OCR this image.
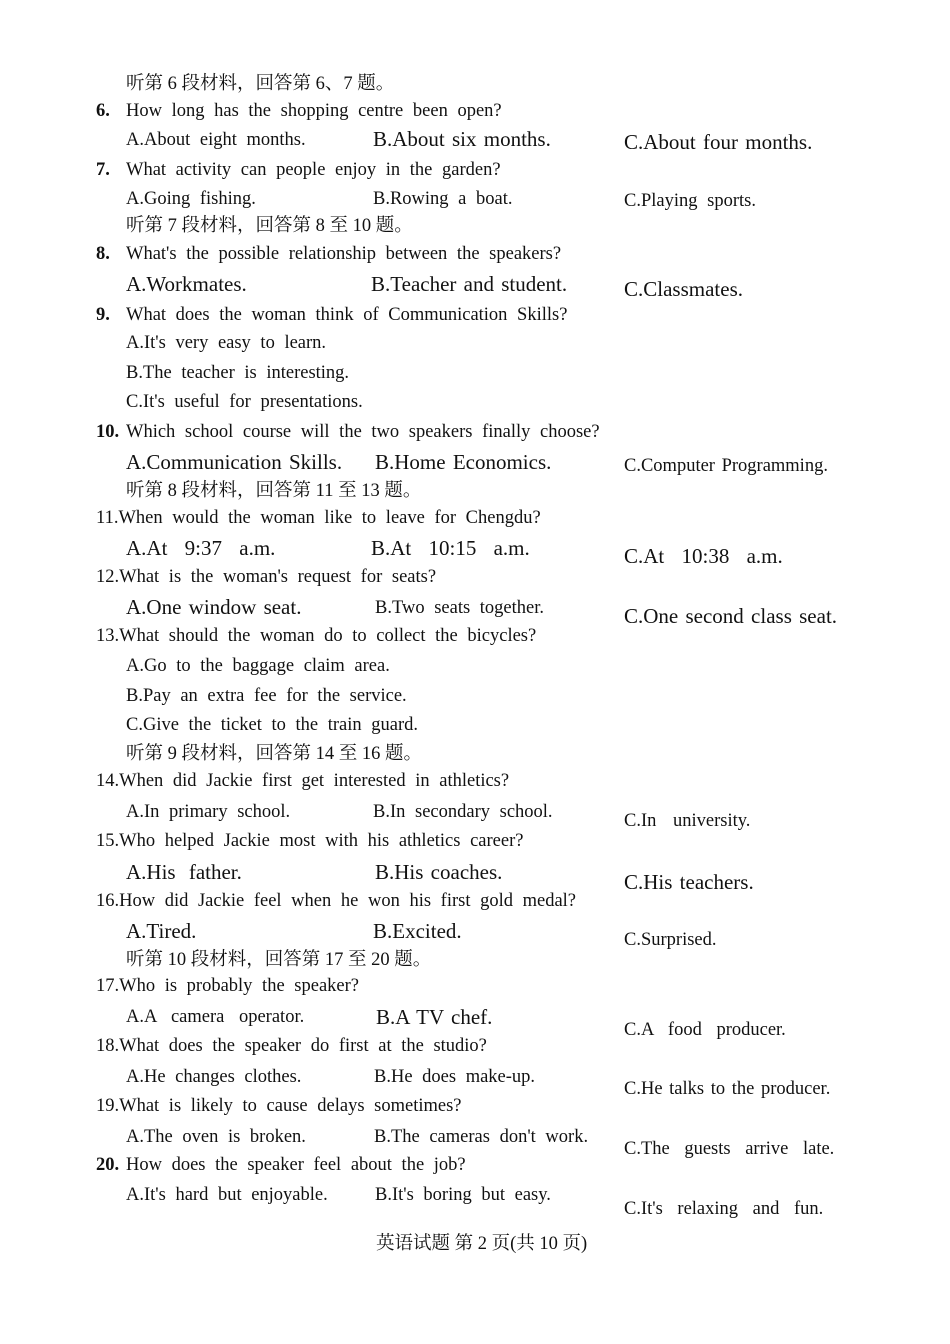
听第 6 段材料，回答第 6、7 题。
6. How long has the shopping centre been open?
A.About eight months.	B.About six months.	C.About four months.
7. What activity can people enjoy in the garden?
A.Going fishing.	B.Rowing a boat.	C.Playing sports.
听第 7 段材料，回答第 8 至 10 题。
8. What's the possible relationship between the speakers?
A.Workmates.	B.Teacher and student.	C.Classmates.
9. What does the woman think of Communication Skills?
A.It's very easy to learn.
B.The teacher is interesting.
C.It's useful for presentations.
10. Which school course will the two speakers finally choose?
A.Communication Skills. B.Home Economics.	C.Computer Programming.
听第 8 段材料，回答第 11 至 13 题。
11.When would the woman like to leave for Chengdu?
A.At 9:37 a.m.	B.At 10:15 a.m.	C.At 10:38 a.m.
12.What is the woman's request for seats?
A.One window seat.	B.Two seats together.	C.One second class seat.
13.What should the woman do to collect the bicycles?
A.Go to the baggage claim area.
B.Pay an extra fee for the service.
C.Give the ticket to the train guard.
听第 9 段材料，回答第 14 至 16 题。
14.When did Jackie first get interested in athletics?
A.In primary school.	B.In secondary school.	C.In university.
15.Who helped Jackie most with his athletics career?
A.His father.	B.His coaches.	C.His teachers.
16.How did Jackie feel when he won his first gold medal?
A.Tired.	B.Excited.	C.Surprised.
听第 10 段材料，回答第 17 至 20 题。
17.Who is probably the speaker?
A.A camera operator.	B.A TV chef.
C.A food producer.
18.What does the speaker do first at the studio?
A.He changes clothes.	B.He does make-up.
C.He talks to the producer.
19.What is likely to cause delays sometimes?
A.The oven is broken.	B.The cameras don't work.
C.The guests arrive late.
20. How does the speaker feel about the job?
A.It's hard but enjoyable.	B.It's boring but easy.
C.It's relaxing and fun.
英语试题 第 2 页(共 10 页)
